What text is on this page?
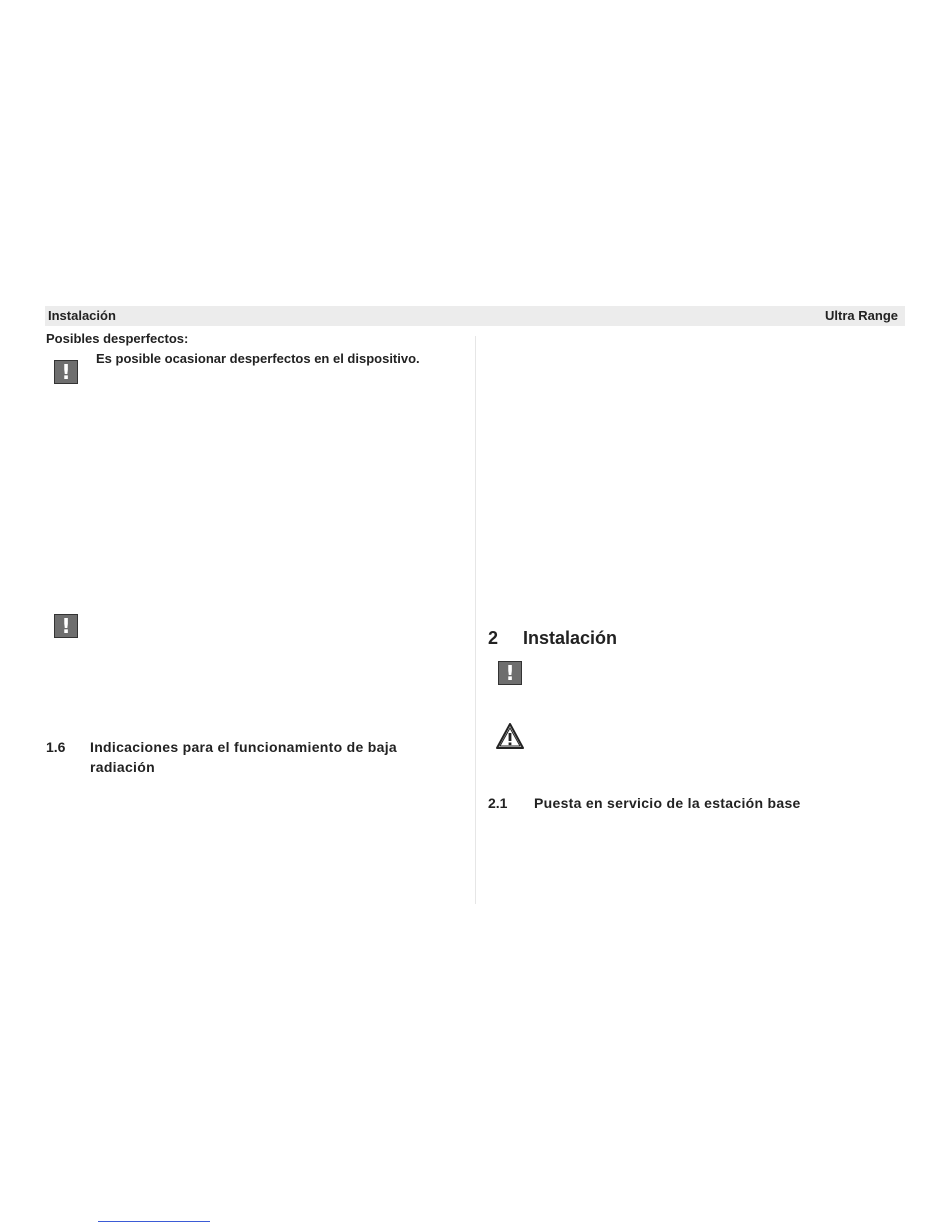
Instalación	Ultra Range
Posibles desperfectos:
!
Es posible ocasionar desperfectos en el dispositivo.
!
1.6 Indicaciones para el funcionamiento de baja
radiación
2 Instalación
!
2.1 Puesta en servicio de la estación base
